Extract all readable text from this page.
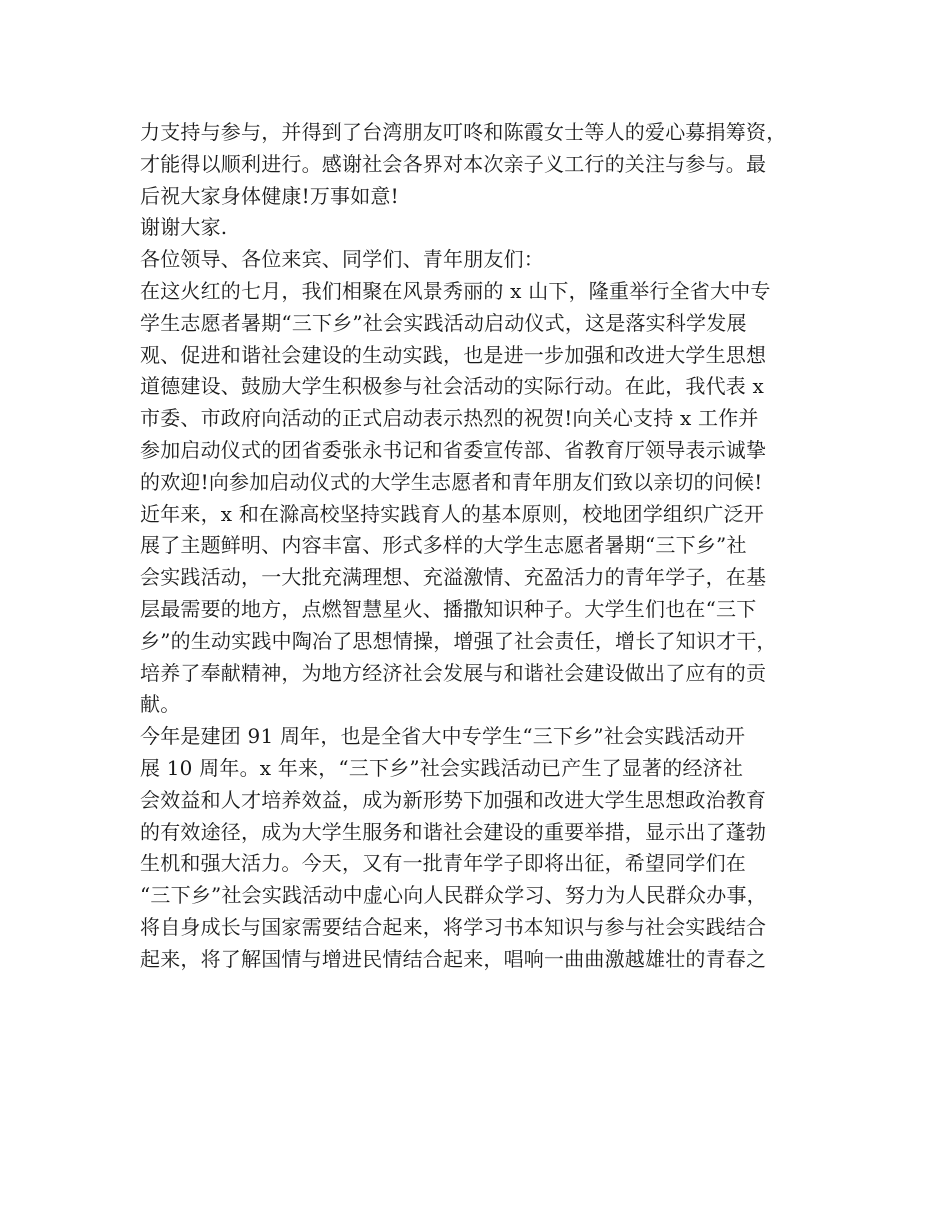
力支持与参与，并得到了台湾朋友叮咚和陈霞女士等人的爱心募捐筹资，
才能得以顺利进行。感谢社会各界对本次亲子义工行的关注与参与。最
后祝大家身体健康!万事如意!
谢谢大家.
各位领导、各位来宾、同学们、青年朋友们：
在这火红的七月，我们相聚在风景秀丽的 x 山下，隆重举行全省大中专
学生志愿者暑期“三下乡”社会实践活动启动仪式，这是落实科学发展
观、促进和谐社会建设的生动实践，也是进一步加强和改进大学生思想
道德建设、鼓励大学生积极参与社会活动的实际行动。在此，我代表 x
市委、市政府向活动的正式启动表示热烈的祝贺!向关心支持 x 工作并
参加启动仪式的团省委张永书记和省委宣传部、省教育厅领导表示诚挚
的欢迎!向参加启动仪式的大学生志愿者和青年朋友们致以亲切的问候!
近年来，x 和在滁高校坚持实践育人的基本原则，校地团学组织广泛开
展了主题鲜明、内容丰富、形式多样的大学生志愿者暑期“三下乡”社
会实践活动，一大批充满理想、充溢激情、充盈活力的青年学子，在基
层最需要的地方，点燃智慧星火、播撒知识种子。大学生们也在“三下
乡”的生动实践中陶冶了思想情操，增强了社会责任，增长了知识才干，
培养了奉献精神，为地方经济社会发展与和谐社会建设做出了应有的贡
献。
今年是建团 91 周年，也是全省大中专学生“三下乡”社会实践活动开
展 10 周年。x 年来，“三下乡”社会实践活动已产生了显著的经济社
会效益和人才培养效益，成为新形势下加强和改进大学生思想政治教育
的有效途径，成为大学生服务和谐社会建设的重要举措，显示出了蓬勃
生机和强大活力。今天，又有一批青年学子即将出征，希望同学们在
“三下乡”社会实践活动中虚心向人民群众学习、努力为人民群众办事，
将自身成长与国家需要结合起来，将学习书本知识与参与社会实践结合
起来，将了解国情与增进民情结合起来，唱响一曲曲激越雄壮的青春之
